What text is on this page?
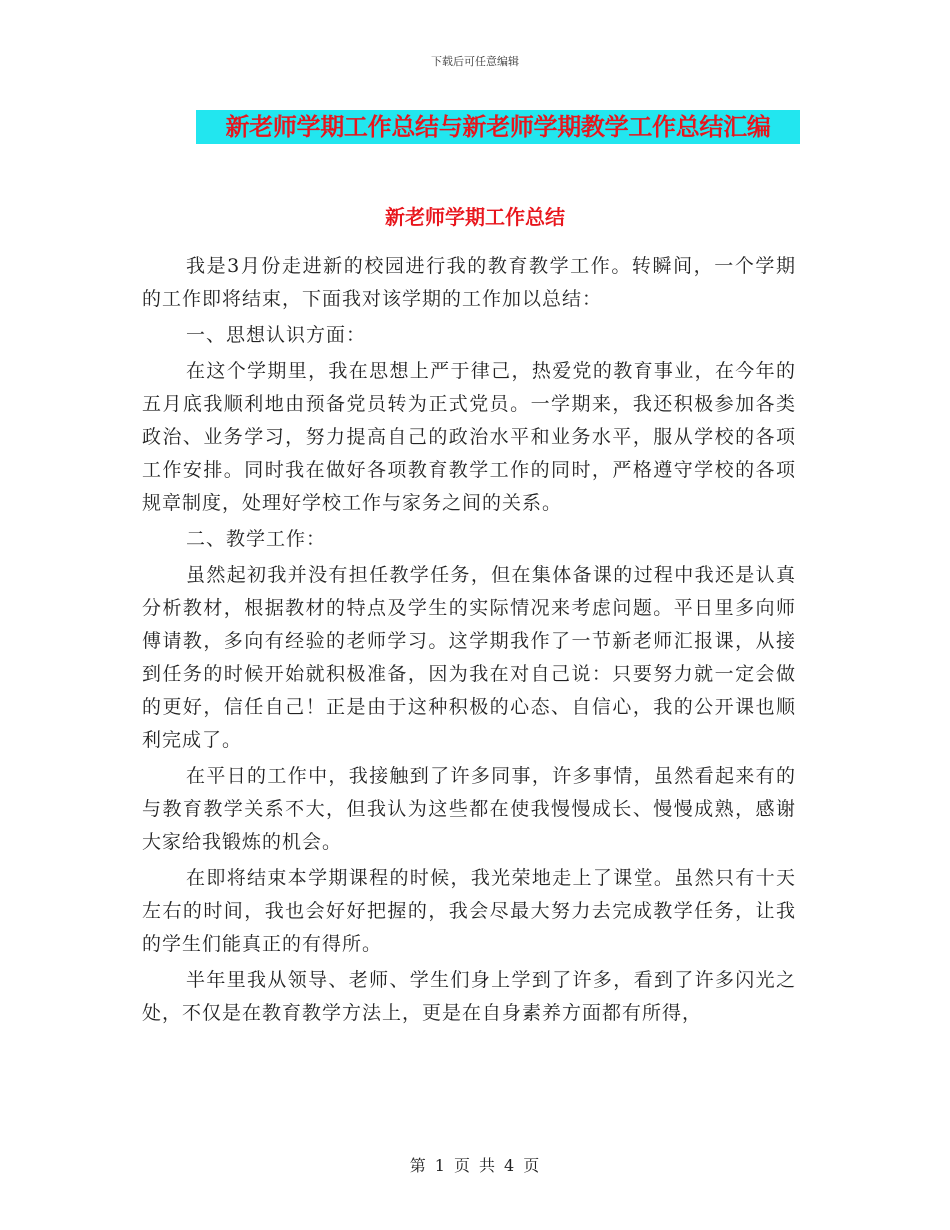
下载后可任意编辑
新老师学期工作总结与新老师学期教学工作总结汇编
新老师学期工作总结

我是3月份走进新的校园进行我的教育教学工作。转瞬间，一个学期的工作即将结束，下面我对该学期的工作加以总结：

一、思想认识方面：

在这个学期里，我在思想上严于律己，热爱党的教育事业，在今年的五月底我顺利地由预备党员转为正式党员。一学期来，我还积极参加各类政治、业务学习，努力提高自己的政治水平和业务水平，服从学校的各项工作安排。同时我在做好各项教育教学工作的同时，严格遵守学校的各项规章制度，处理好学校工作与家务之间的关系。

二、教学工作：

虽然起初我并没有担任教学任务，但在集体备课的过程中我还是认真分析教材，根据教材的特点及学生的实际情况来考虑问题。平日里多向师傅请教，多向有经验的老师学习。这学期我作了一节新老师汇报课，从接到任务的时候开始就积极准备，因为我在对自己说：只要努力就一定会做的更好，信任自己！正是由于这种积极的心态、自信心，我的公开课也顺利完成了。

在平日的工作中，我接触到了许多同事，许多事情，虽然看起来有的与教育教学关系不大，但我认为这些都在使我慢慢成长、慢慢成熟，感谢大家给我锻炼的机会。

在即将结束本学期课程的时候，我光荣地走上了课堂。虽然只有十天左右的时间，我也会好好把握的，我会尽最大努力去完成教学任务，让我的学生们能真正的有得所。

半年里我从领导、老师、学生们身上学到了许多，看到了许多闪光之处，不仅是在教育教学方法上，更是在自身素养方面都有所得，

第 1 页 共 4 页
